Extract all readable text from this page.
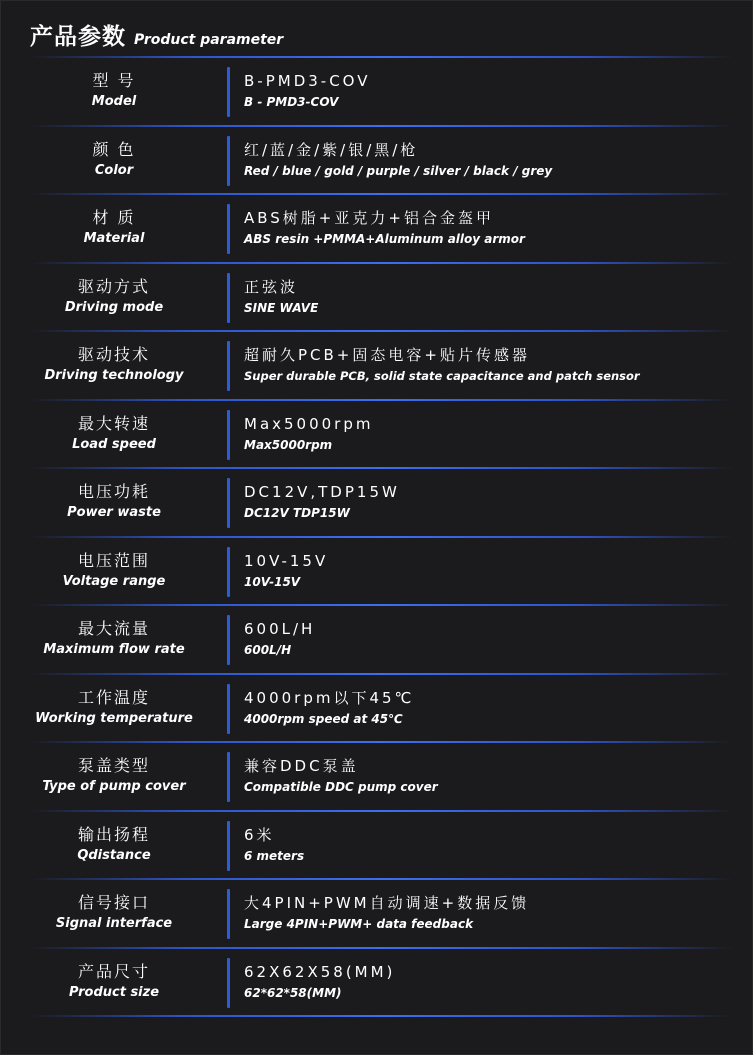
产品参数 Product parameter
型 号
Model
B-PMD3-COV
B - PMD3-COV
颜 色
Color
红/蓝/金/紫/银/黑/枪
Red / blue / gold / purple / silver / black / grey
材 质
Material
ABS树脂+亚克力+铝合金盔甲
ABS resin +PMMA+Aluminum alloy armor
驱动方式
Driving mode
正弦波
SINE WAVE
驱动技术
Driving technology
超耐久PCB+固态电容+贴片传感器
Super durable PCB, solid state capacitance and patch sensor
最大转速
Load speed
Max5000rpm
Max5000rpm
电压功耗
Power waste
DC12V,TDP15W
DC12V TDP15W
电压范围
Voltage range
10V-15V
10V-15V
最大流量
Maximum flow rate
600L/H
600L/H
工作温度
Working temperature
4000rpm以下45℃
4000rpm speed at 45℃
泵盖类型
Type of pump cover
兼容DDC泵盖
Compatible DDC pump cover
输出扬程
Qdistance
6米
6 meters
信号接口
Signal interface
大4PIN+PWM自动调速+数据反馈
Large 4PIN+PWM+ data feedback
产品尺寸
Product size
62X62X58(MM)
62*62*58(MM)
